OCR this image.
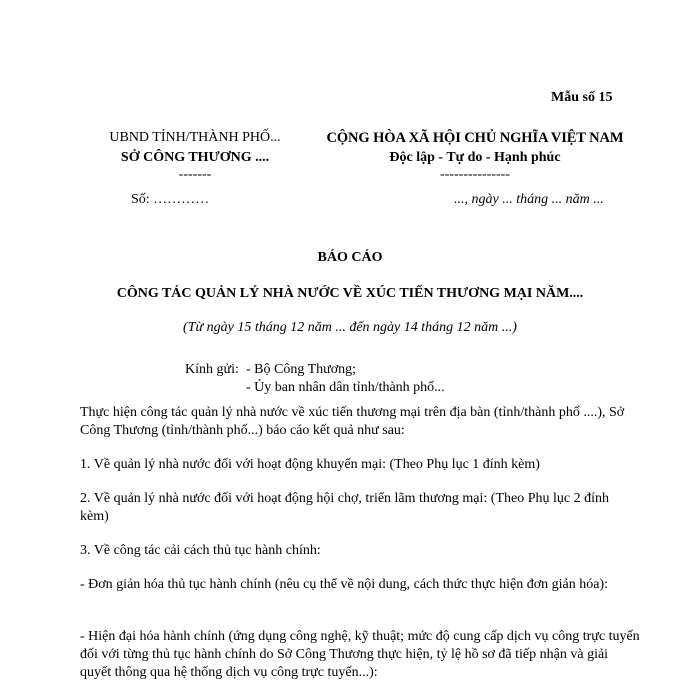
Mẫu số 15
UBND TỈNH/THÀNH PHỐ...
SỞ CÔNG THƯƠNG ....
-------
CỘNG HÒA XÃ HỘI CHỦ NGHĨA VIỆT NAM
Độc lập - Tự do - Hạnh phúc
---------------
Số: …………	..., ngày ... tháng ... năm ...
BÁO CÁO
CÔNG TÁC QUẢN LÝ NHÀ NƯỚC VỀ XÚC TIẾN THƯƠNG MẠI NĂM....
(Từ ngày 15 tháng 12 năm ... đến ngày 14 tháng 12 năm ...)
Kính gửi: - Bộ Công Thương;
- Ủy ban nhân dân tỉnh/thành phố...
Thực hiện công tác quản lý nhà nước về xúc tiến thương mại trên địa bàn (tỉnh/thành phố ....), Sở Công Thương (tỉnh/thành phố...) báo cáo kết quả như sau:
1. Về quản lý nhà nước đối với hoạt động khuyến mại: (Theo Phụ lục 1 đính kèm)
2. Về quản lý nhà nước đối với hoạt động hội chợ, triển lãm thương mại: (Theo Phụ lục 2 đính kèm)
3. Về công tác cải cách thủ tục hành chính:
- Đơn giản hóa thủ tục hành chính (nêu cụ thể về nội dung, cách thức thực hiện đơn giản hóa):
- Hiện đại hóa hành chính (ứng dụng công nghệ, kỹ thuật; mức độ cung cấp dịch vụ công trực tuyến đối với từng thủ tục hành chính do Sở Công Thương thực hiện, tỷ lệ hồ sơ đã tiếp nhận và giải quyết thông qua hệ thống dịch vụ công trực tuyến...):
